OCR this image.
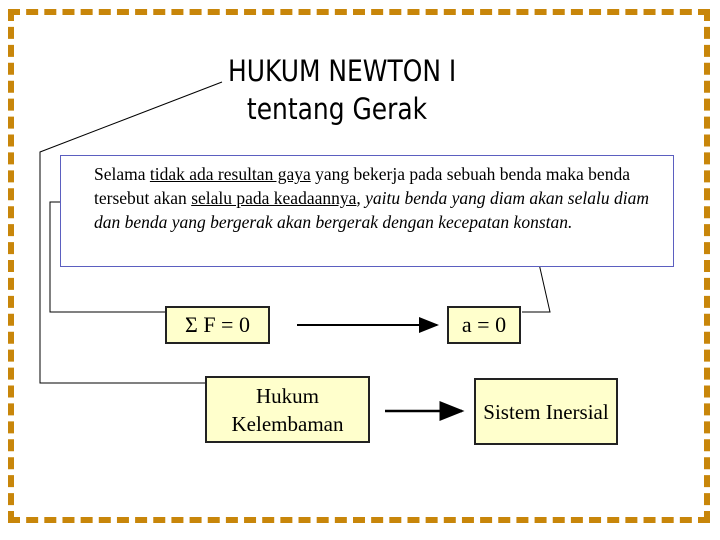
HUKUM NEWTON I
tentang Gerak
Selama tidak ada resultan gaya yang bekerja pada sebuah benda maka benda tersebut akan selalu pada keadaannya, yaitu benda yang diam akan selalu diam dan benda yang bergerak akan bergerak dengan kecepatan konstan.
Σ F = 0	a = 0
Hukum Kelembaman	Sistem Inersial
